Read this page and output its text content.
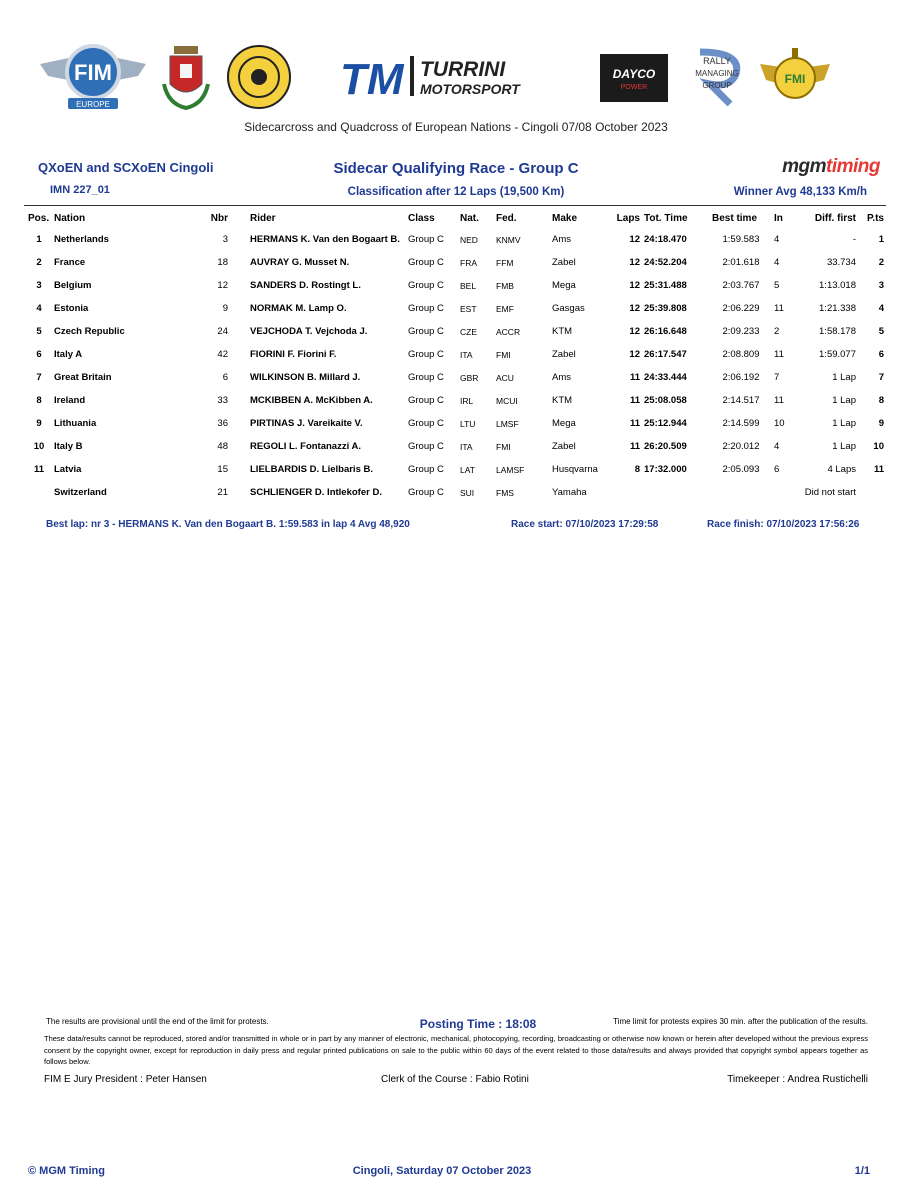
FIM
EUROPE
TM TURRINI
MOTORSPORT
DAYCO
POWER
RALLY
MANAGING
GROUP	FMI
Sidecarcross and Quadcross of European Nations - Cingoli 07/08 October 2023
QXoEN and SCXoEN Cingoli
IMN 227_01
Sidecar Qualifying Race - Group C
Classification after 12 Laps (19,500 Km)	Winner Avg 48,133 Km/h
mgmtiming
Pos.	Nation	Nbr	Rider	Class	Nat.	Fed.	Make	Laps	Tot. Time	Best time	In	Diff. first	P.ts
1	Netherlands	3	HERMANS K. Van den Bogaart B.	Group C	NED	KNMV	Ams	12	24:18.470	1:59.583	4	-	1
2	France	18	AUVRAY G. Musset N.	Group C	FRA	FFM	Zabel	12	24:52.204	2:01.618	4	33.734	2
3	Belgium	12	SANDERS D. Rostingt L.	Group C	BEL	FMB	Mega	12	25:31.488	2:03.767	5	1:13.018	3
4	Estonia	9	NORMAK M. Lamp O.	Group C	EST	EMF	Gasgas	12	25:39.808	2:06.229	11	1:21.338	4
5	Czech Republic	24	VEJCHODA T. Vejchoda J.	Group C	CZE	ACCR	KTM	12	26:16.648	2:09.233	2	1:58.178	5
6	Italy A	42	FIORINI F. Fiorini F.	Group C	ITA	FMI	Zabel	12	26:17.547	2:08.809	11	1:59.077	6
7	Great Britain	6	WILKINSON B. Millard J.	Group C	GBR	ACU	Ams	11	24:33.444	2:06.192	7	1 Lap	7
8	Ireland	33	MCKIBBEN A. McKibben A.	Group C	IRL	MCUI	KTM	11	25:08.058	2:14.517	11	1 Lap	8
9	Lithuania	36	PIRTINAS J. Vareikaite V.	Group C	LTU	LMSF	Mega	11	25:12.944	2:14.599	10	1 Lap	9
10	Italy B	48	REGOLI L. Fontanazzi A.	Group C	ITA	FMI	Zabel	11	26:20.509	2:20.012	4	1 Lap	10
11	Latvia	15	LIELBARDIS D. Lielbaris B.	Group C	LAT	LAMSF	Husqvarna	8	17:32.000	2:05.093	6	4 Laps	11
	Switzerland	21	SCHLIENGER D. Intlekofer D.	Group C	SUI	FMS	Yamaha					Did not start	
Best lap: nr 3 - HERMANS K. Van den Bogaart B. 1:59.583 in lap 4 Avg 48,920	Race start: 07/10/2023 17:29:58	Race finish: 07/10/2023 17:56:26
The results are provisional until the end of the limit for protests.	Posting Time : 18:08	Time limit for protests expires 30 min. after the publication of the results.
These data/results cannot be reproduced, stored and/or transmitted in whole or in part by any manner of electronic, mechanical, photocopying, recording, broadcasting or otherwise now known or herein after developed without the previous express consent by the copyright owner, except for reproduction in daily press and regular printed publications on sale to the public within 60 days of the event related to those data/results and always provided that copyright symbol appears together as follows below.
FIM E Jury President : Peter Hansen	Clerk of the Course : Fabio Rotini	Timekeeper : Andrea Rustichelli
© MGM Timing	Cingoli, Saturday 07 October 2023	1/1
